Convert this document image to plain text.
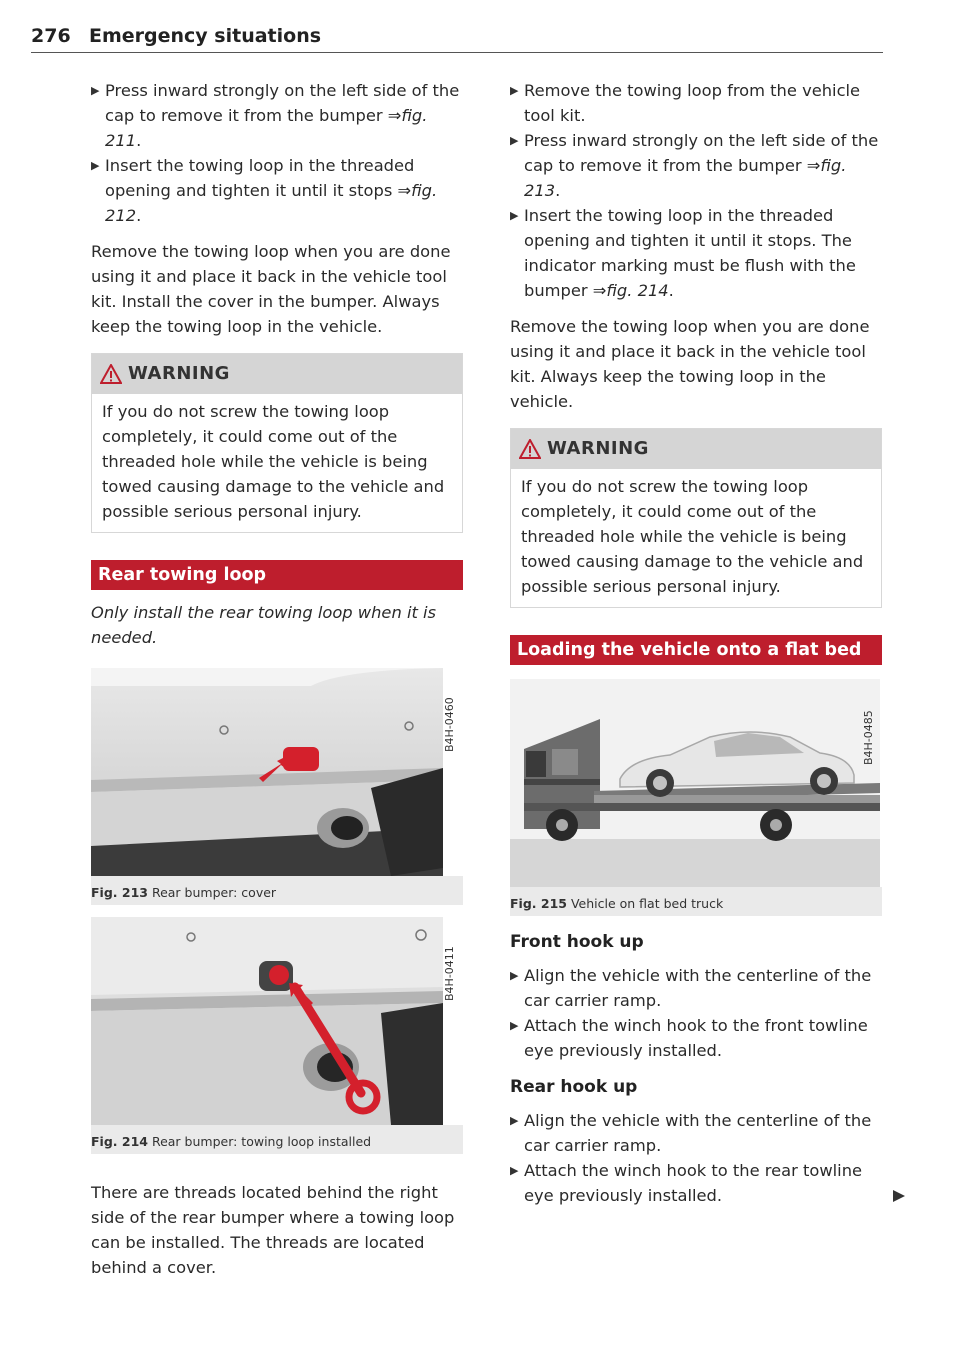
276 Emergency situations

▶ Press inward strongly on the left side of the cap to remove it from the bumper ⇒fig. 211.

▶ Insert the towing loop in the threaded opening and tighten it until it stops ⇒fig. 212.

Remove the towing loop when you are done using it and place it back in the vehicle tool kit. Install the cover in the bumper. Always keep the towing loop in the vehicle.

WARNING
If you do not screw the towing loop completely, it could come out of the threaded hole while the vehicle is being towed causing damage to the vehicle and possible serious personal injury.
Rear towing loop

Only install the rear towing loop when it is needed.

B4H-0460
Fig. 213 Rear bumper: cover
B4H-0411
Fig. 214 Rear bumper: towing loop installed

There are threads located behind the right side of the rear bumper where a towing loop can be installed. The threads are located behind a cover.

▶ Remove the towing loop from the vehicle tool kit.

▶ Press inward strongly on the left side of the cap to remove it from the bumper ⇒fig. 213.

▶ Insert the towing loop in the threaded opening and tighten it until it stops. The indicator marking must be flush with the bumper ⇒fig. 214.

Remove the towing loop when you are done using it and place it back in the vehicle tool kit. Always keep the towing loop in the vehicle.

WARNING
If you do not screw the towing loop completely, it could come out of the threaded hole while the vehicle is being towed causing damage to the vehicle and possible serious personal injury.
Loading the vehicle onto a flat bed
B4H-0485
Fig. 215 Vehicle on flat bed truck
Front hook up

▶ Align the vehicle with the centerline of the car carrier ramp.

▶ Attach the winch hook to the front towline eye previously installed.

Rear hook up

▶ Align the vehicle with the centerline of the car carrier ramp.

▶ Attach the winch hook to the rear towline eye previously installed.
